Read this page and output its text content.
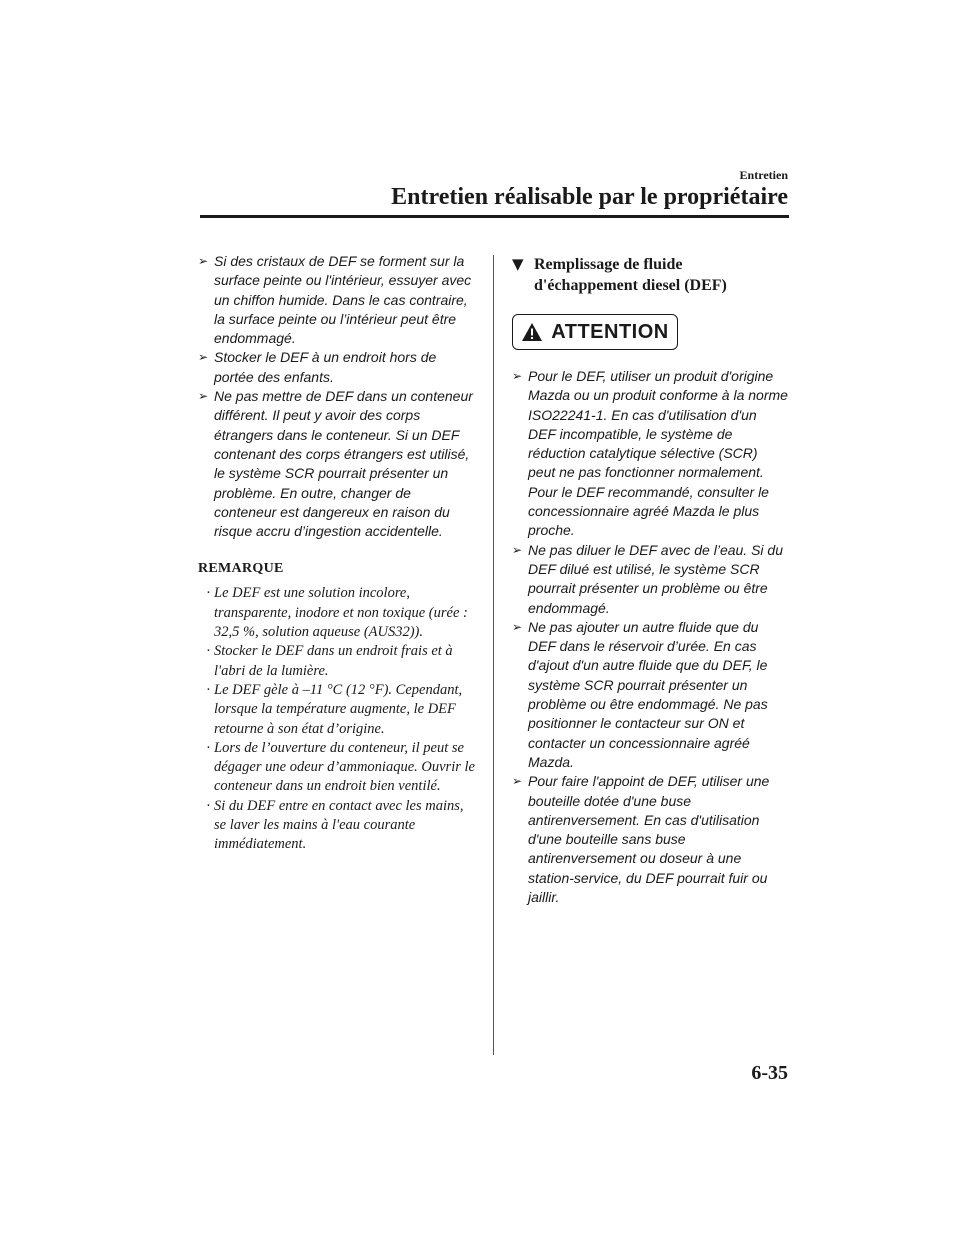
Entretien
Entretien réalisable par le propriétaire
➢ Si des cristaux de DEF se forment sur la surface peinte ou l'intérieur, essuyer avec un chiffon humide. Dans le cas contraire, la surface peinte ou l’intérieur peut être endommagé.
➢ Stocker le DEF à un endroit hors de portée des enfants.
➢ Ne pas mettre de DEF dans un conteneur différent. Il peut y avoir des corps étrangers dans le conteneur. Si un DEF contenant des corps étrangers est utilisé, le système SCR pourrait présenter un problème. En outre, changer de conteneur est dangereux en raison du risque accru d’ingestion accidentelle.
REMARQUE
· Le DEF est une solution incolore, transparente, inodore et non toxique (urée : 32,5 %, solution aqueuse (AUS32)).
· Stocker le DEF dans un endroit frais et à l'abri de la lumière.
· Le DEF gèle à –11 °C (12 °F). Cependant, lorsque la température augmente, le DEF retourne à son état d’origine.
· Lors de l’ouverture du conteneur, il peut se dégager une odeur d’ammoniaque. Ouvrir le conteneur dans un endroit bien ventilé.
· Si du DEF entre en contact avec les mains, se laver les mains à l'eau courante immédiatement.
▼ Remplissage de fluide d'échappement diesel (DEF)
ATTENTION
➢ Pour le DEF, utiliser un produit d'origine Mazda ou un produit conforme à la norme ISO22241-1. En cas d'utilisation d'un DEF incompatible, le système de réduction catalytique sélective (SCR) peut ne pas fonctionner normalement. Pour le DEF recommandé, consulter le concessionnaire agréé Mazda le plus proche.
➢ Ne pas diluer le DEF avec de l’eau. Si du DEF dilué est utilisé, le système SCR pourrait présenter un problème ou être endommagé.
➢ Ne pas ajouter un autre fluide que du DEF dans le réservoir d’urée. En cas d'ajout d'un autre fluide que du DEF, le système SCR pourrait présenter un problème ou être endommagé. Ne pas positionner le contacteur sur ON et contacter un concessionnaire agréé Mazda.
➢ Pour faire l'appoint de DEF, utiliser une bouteille dotée d'une buse antirenversement. En cas d'utilisation d'une bouteille sans buse antirenversement ou doseur à une station-service, du DEF pourrait fuir ou jaillir.
6-35
